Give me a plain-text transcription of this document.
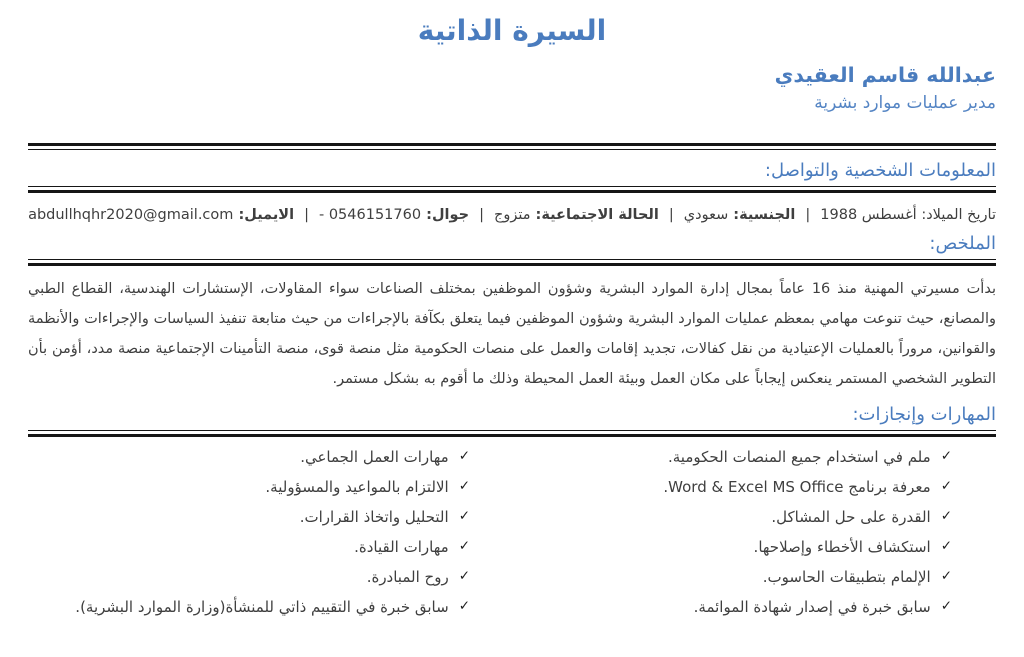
السيرة الذاتية
عبدالله قاسم العقيدي
مدير عمليات موارد بشرية
المعلومات الشخصية والتواصل:
تاريخ الميلاد: أغسطس 1988
|
الجنسية: سعودي
|
الحالة الاجتماعية: متزوج
|
جوال: 0546151760 -
|
الايميل: abdullhqhr2020@gmail.com
الملخص:

بدأت مسيرتي المهنية منذ 16 عاماً بمجال إدارة الموارد البشرية وشؤون الموظفين بمختلف الصناعات سواء المقاولات، الإستشارات الهندسية، القطاع الطبي والمصانع، حيث تنوعت مهامي بمعظم عمليات الموارد البشرية وشؤون الموظفين فيما يتعلق بكآفة بالإجراءات من حيث متابعة تنفيذ السياسات والإجراءات والأنظمة والقوانين، مروراً بالعمليات الإعتيادية من نقل كفالات، تجديد إقامات والعمل على منصات الحكومية مثل منصة قوى، منصة التأمينات الإجتماعية منصة مدد، أؤمن بأن التطوير الشخصي المستمر ينعكس إيجاباً على مكان العمل وبيئة العمل المحيطة وذلك ما أقوم به بشكل مستمر.

المهارات وإنجازات:
✓ملم في استخدام جميع المنصات الحكومية.
✓معرفة برنامج Word & Excel MS Office.
✓القدرة على حل المشاكل.
✓استكشاف الأخطاء وإصلاحها.
✓الإلمام بتطبيقات الحاسوب.
✓سابق خبرة في إصدار شهادة الموائمة.
✓مهارات العمل الجماعي.
✓الالتزام بالمواعيد والمسؤولية.
✓التحليل واتخاذ القرارات.
✓مهارات القيادة.
✓روح المبادرة.
✓سابق خبرة في التقييم ذاتي للمنشأة(وزارة الموارد البشرية).
